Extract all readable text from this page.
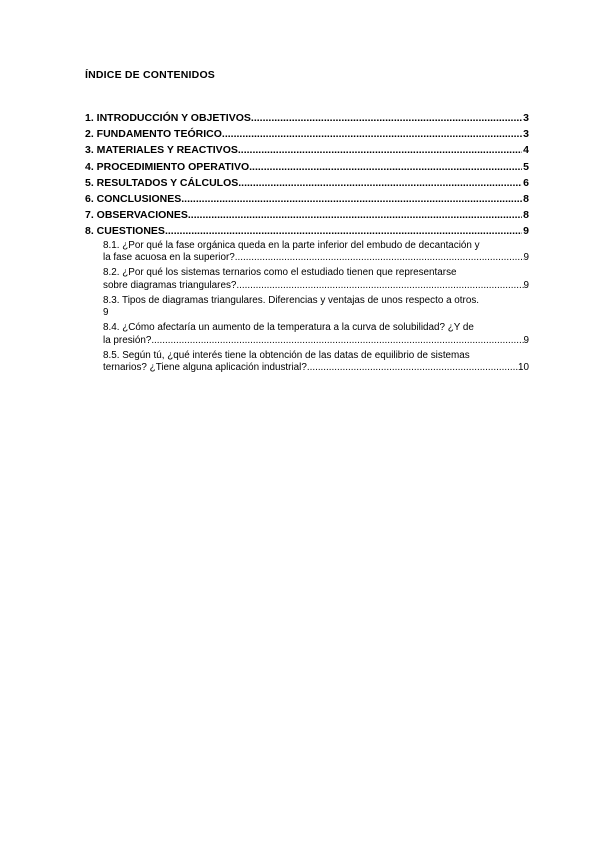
ÍNDICE DE CONTENIDOS
1. INTRODUCCIÓN Y OBJETIVOS .....	3
2. FUNDAMENTO TEÓRICO .....	3
3. MATERIALES Y REACTIVOS. .....	4
4. PROCEDIMIENTO OPERATIVO .....	5
5. RESULTADOS Y CÁLCULOS .....	6
6. CONCLUSIONES .....	8
7. OBSERVACIONES .....	8
8. CUESTIONES .....	9
8.1. ¿Por qué la fase orgánica queda en la parte inferior del embudo de decantación y
la fase acuosa en la superior? .....	9
8.2. ¿Por qué los sistemas ternarios como el estudiado tienen que representarse
sobre diagramas triangulares? .....	9
8.3. Tipos de diagramas triangulares. Diferencias y ventajas de unos respecto a otros.
9
8.4. ¿Cómo afectaría un aumento de la temperatura a la curva de solubilidad? ¿Y de
la presión? .....	9
8.5. Según tú, ¿qué interés tiene la obtención de las datas de equilibrio de sistemas
ternarios? ¿Tiene alguna aplicación industrial? .....	10
